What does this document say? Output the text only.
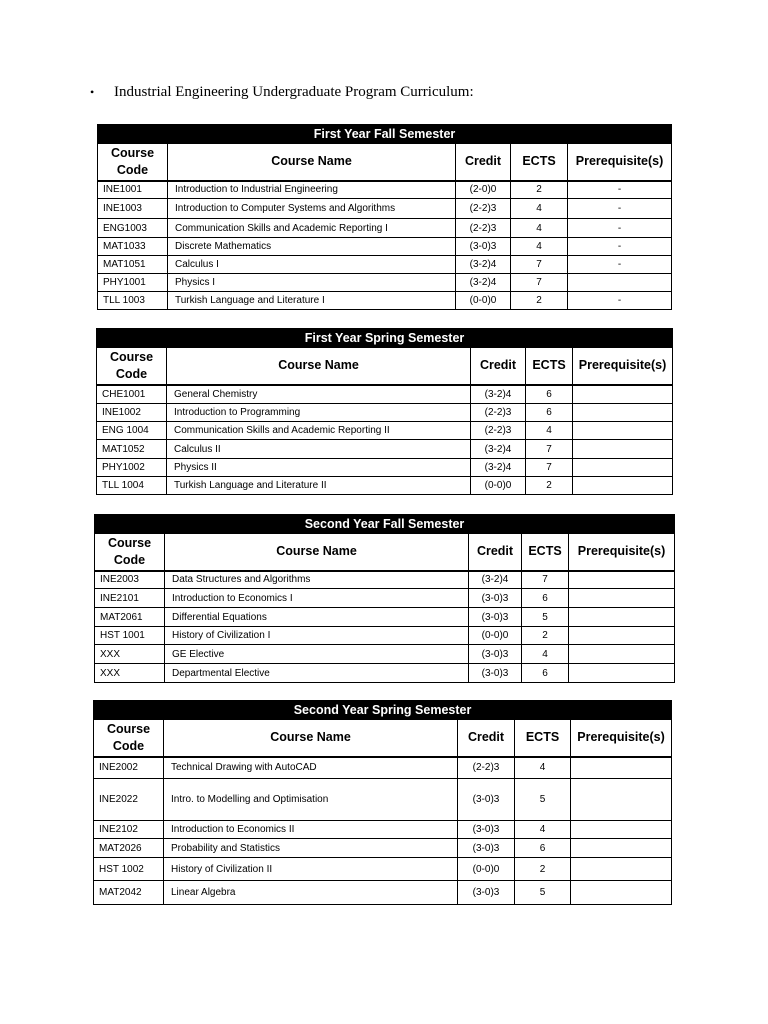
• Industrial Engineering Undergraduate Program Curriculum:
First Year Fall Semester				
Course Code	Course Name	Credit	ECTS	Prerequisite(s)
INE1001	Introduction to Industrial Engineering	(2-0)0	2	-
INE1003	Introduction to Computer Systems and Algorithms	(2-2)3	4	-
ENG1003	Communication Skills and Academic Reporting I	(2-2)3	4	-
MAT1033	Discrete Mathematics	(3-0)3	4	-
MAT1051	Calculus I	(3-2)4	7	-
PHY1001	Physics I	(3-2)4	7	
TLL 1003	Turkish Language and Literature I	(0-0)0	2	-
First Year Spring Semester				
Course Code	Course Name	Credit	ECTS	Prerequisite(s)
CHE1001	General Chemistry	(3-2)4	6	
INE1002	Introduction to Programming	(2-2)3	6	
ENG 1004	Communication Skills and Academic Reporting II	(2-2)3	4	
MAT1052	Calculus II	(3-2)4	7	
PHY1002	Physics II	(3-2)4	7	
TLL 1004	Turkish Language and Literature II	(0-0)0	2	
Second Year Fall Semester				
Course Code	Course Name	Credit	ECTS	Prerequisite(s)
INE2003	Data Structures and Algorithms	(3-2)4	7	
INE2101	Introduction to Economics I	(3-0)3	6	
MAT2061	Differential Equations	(3-0)3	5	
HST 1001	History of Civilization I	(0-0)0	2	
XXX	GE Elective	(3-0)3	4	
XXX	Departmental Elective	(3-0)3	6	
Second Year Spring Semester				
Course Code	Course Name	Credit	ECTS	Prerequisite(s)
INE2002	Technical Drawing with AutoCAD	(2-2)3	4	
INE2022	Intro. to Modelling and Optimisation	(3-0)3	5	
INE2102	Introduction to Economics II	(3-0)3	4	
MAT2026	Probability and Statistics	(3-0)3	6	
HST 1002	History of Civilization II	(0-0)0	2	
MAT2042	Linear Algebra	(3-0)3	5	
